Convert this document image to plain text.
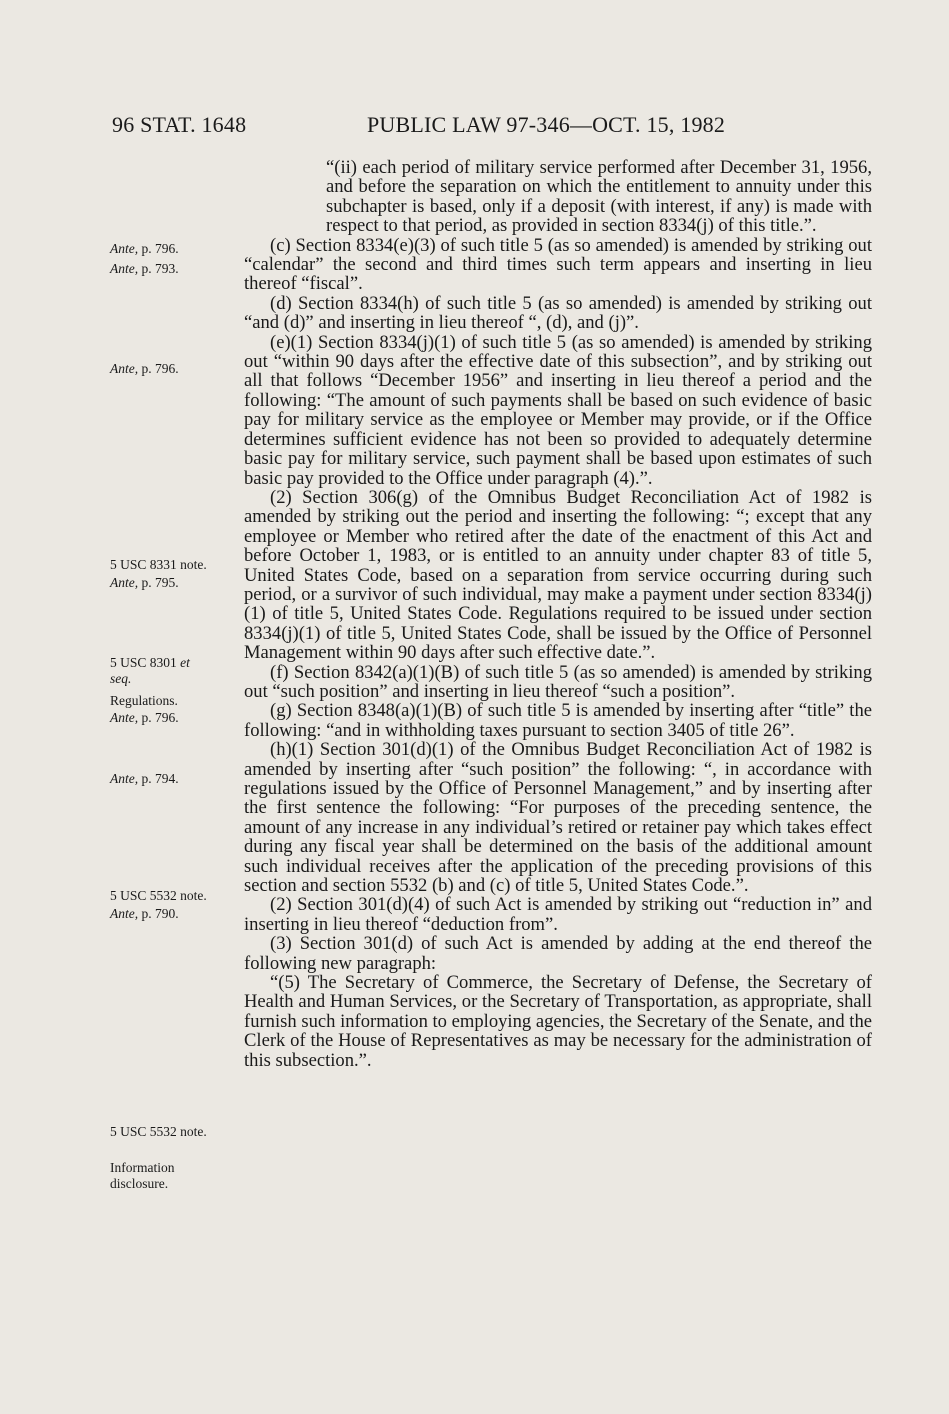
96 STAT. 1648	PUBLIC LAW 97-346—OCT. 15, 1982
Ante, p. 796.
Ante, p. 793.
Ante, p. 796.
5 USC 8331 note.
Ante, p. 795.
5 USC 8301 et
seq.
Regulations.
Ante, p. 796.
Ante, p. 794.
5 USC 5532 note.
Ante, p. 790.
5 USC 5532 note.
Information disclosure.

“(ii) each period of military service performed after December 31, 1956, and before the separation on which the entitlement to annuity under this subchapter is based, only if a deposit (with interest, if any) is made with respect to that period, as provided in section 8334(j) of this title.”.

(c) Section 8334(e)(3) of such title 5 (as so amended) is amended by striking out “calendar” the second and third times such term appears and inserting in lieu thereof “fiscal”.

(d) Section 8334(h) of such title 5 (as so amended) is amended by striking out “and (d)” and inserting in lieu thereof “, (d), and (j)”.

(e)(1) Section 8334(j)(1) of such title 5 (as so amended) is amended by striking out “within 90 days after the effective date of this subsection”, and by striking out all that follows “December 1956” and inserting in lieu thereof a period and the following: “The amount of such payments shall be based on such evidence of basic pay for military service as the employee or Member may provide, or if the Office determines sufficient evidence has not been so provided to adequately determine basic pay for military service, such payment shall be based upon estimates of such basic pay provided to the Office under paragraph (4).”.

(2) Section 306(g) of the Omnibus Budget Reconciliation Act of 1982 is amended by striking out the period and inserting the following: “; except that any employee or Member who retired after the date of the enactment of this Act and before October 1, 1983, or is entitled to an annuity under chapter 83 of title 5, United States Code, based on a separation from service occurring during such period, or a survivor of such individual, may make a payment under section 8334(j)(1) of title 5, United States Code. Regulations required to be issued under section 8334(j)(1) of title 5, United States Code, shall be issued by the Office of Personnel Management within 90 days after such effective date.”.

(f) Section 8342(a)(1)(B) of such title 5 (as so amended) is amended by striking out “such position” and inserting in lieu thereof “such a position”.

(g) Section 8348(a)(1)(B) of such title 5 is amended by inserting after “title” the following: “and in withholding taxes pursuant to section 3405 of title 26”.

(h)(1) Section 301(d)(1) of the Omnibus Budget Reconciliation Act of 1982 is amended by inserting after “such position” the following: “, in accordance with regulations issued by the Office of Personnel Management,” and by inserting after the first sentence the following: “For purposes of the preceding sentence, the amount of any increase in any individual’s retired or retainer pay which takes effect during any fiscal year shall be determined on the basis of the additional amount such individual receives after the application of the preceding provisions of this section and section 5532 (b) and (c) of title 5, United States Code.”.

(2) Section 301(d)(4) of such Act is amended by striking out “reduction in” and inserting in lieu thereof “deduction from”.

(3) Section 301(d) of such Act is amended by adding at the end thereof the following new paragraph:

“(5) The Secretary of Commerce, the Secretary of Defense, the Secretary of Health and Human Services, or the Secretary of Transportation, as appropriate, shall furnish such information to employing agencies, the Secretary of the Senate, and the Clerk of the House of Representatives as may be necessary for the administration of this subsection.”.
